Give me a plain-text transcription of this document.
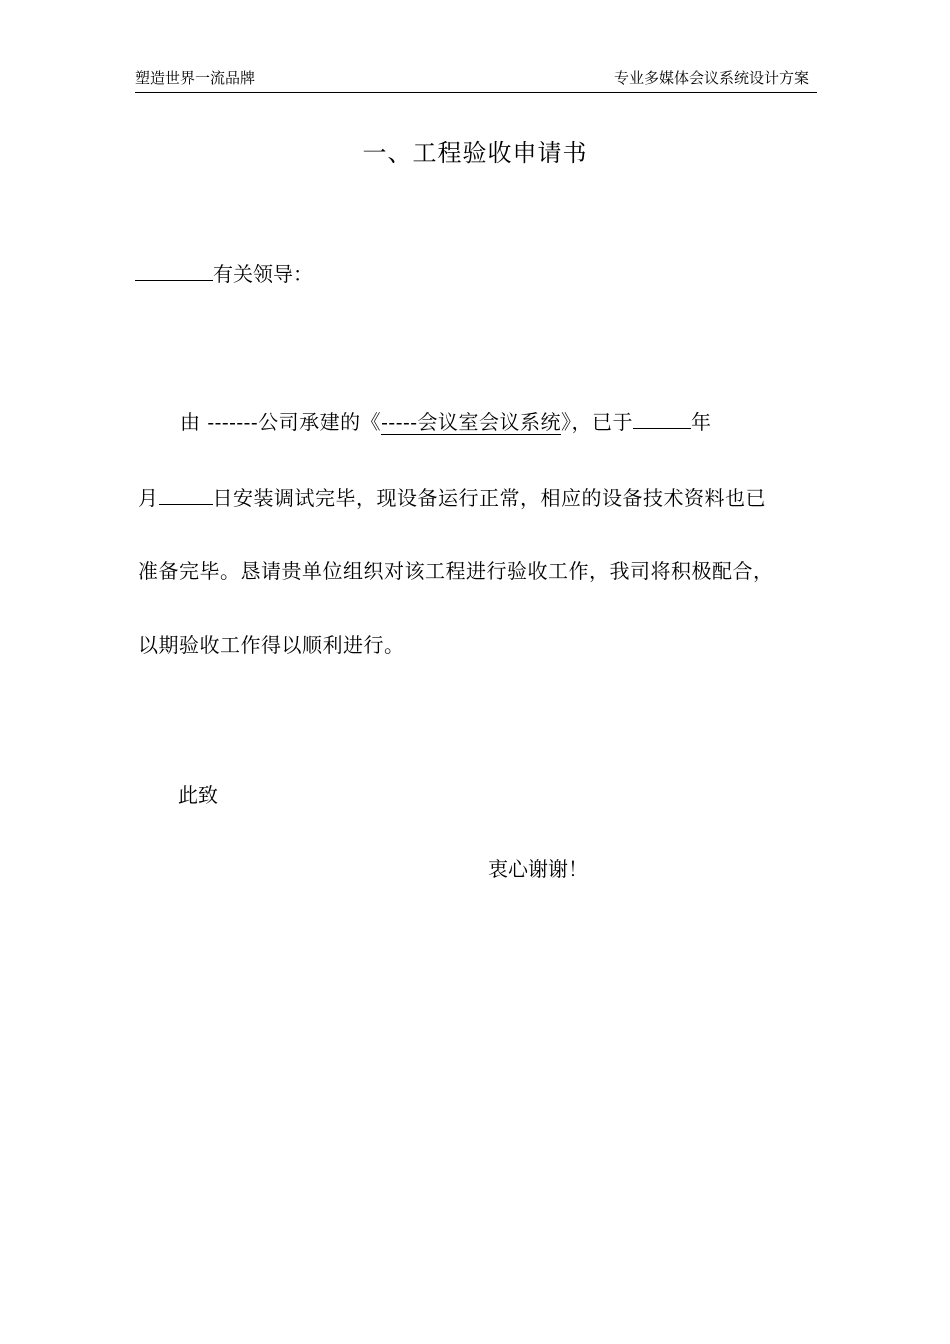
塑造世界一流品牌	专业多媒体会议系统设计方案
一、工程验收申请书
有关领导：
由 -------公司承建的《-----会议室会议系统》，已于	年
月	日安装调试完毕，现设备运行正常，相应的设备技术资料也已
准备完毕。恳请贵单位组织对该工程进行验收工作，我司将积极配合，
以期验收工作得以顺利进行。
此致
衷心谢谢！
